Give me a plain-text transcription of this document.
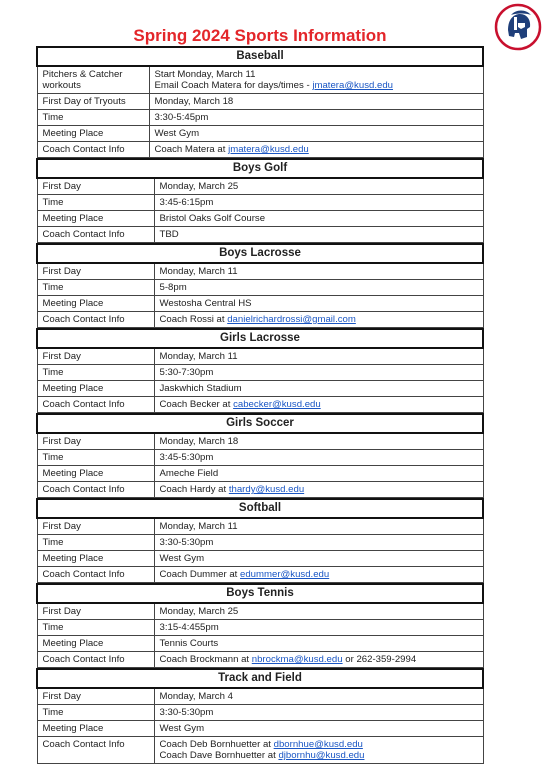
Spring 2024 Sports Information
Baseball	
Pitchers & Catcher workouts	Start Monday, March 11
Email Coach Matera for days/times - jmatera@kusd.edu

First Day of Tryouts	Monday, March 18

Time	3:30-5:45pm

Meeting Place	West Gym

Coach Contact Info	Coach Matera at jmatera@kusd.edu
Boys Golf	
First Day	Monday, March 25

Time	3:45-6:15pm

Meeting Place	Bristol Oaks Golf Course

Coach Contact Info	TBD
Boys Lacrosse	
First Day	Monday, March 11

Time	5-8pm

Meeting Place	Westosha Central HS

Coach Contact Info	Coach Rossi at danielrichardrossi@gmail.com
Girls Lacrosse	
First Day	Monday, March 11

Time	5:30-7:30pm

Meeting Place	Jaskwhich Stadium

Coach Contact Info	Coach Becker at cabecker@kusd.edu
Girls Soccer	
First Day	Monday, March 18

Time	3:45-5:30pm

Meeting Place	Ameche Field

Coach Contact Info	Coach Hardy at thardy@kusd.edu
Softball	
First Day	Monday, March 11

Time	3:30-5:30pm

Meeting Place	West Gym

Coach Contact Info	Coach Dummer at edummer@kusd.edu
Boys Tennis	
First Day	Monday, March 25

Time	3:15-4:455pm

Meeting Place	Tennis Courts

Coach Contact Info	Coach Brockmann at nbrockma@kusd.edu or 262-359-2994
Track and Field	
First Day	Monday, March 4

Time	3:30-5:30pm

Meeting Place	West Gym

Coach Contact Info	Coach Deb Bornhuetter at dbornhue@kusd.edu
Coach Dave Bornhuetter at djbornhu@kusd.edu
